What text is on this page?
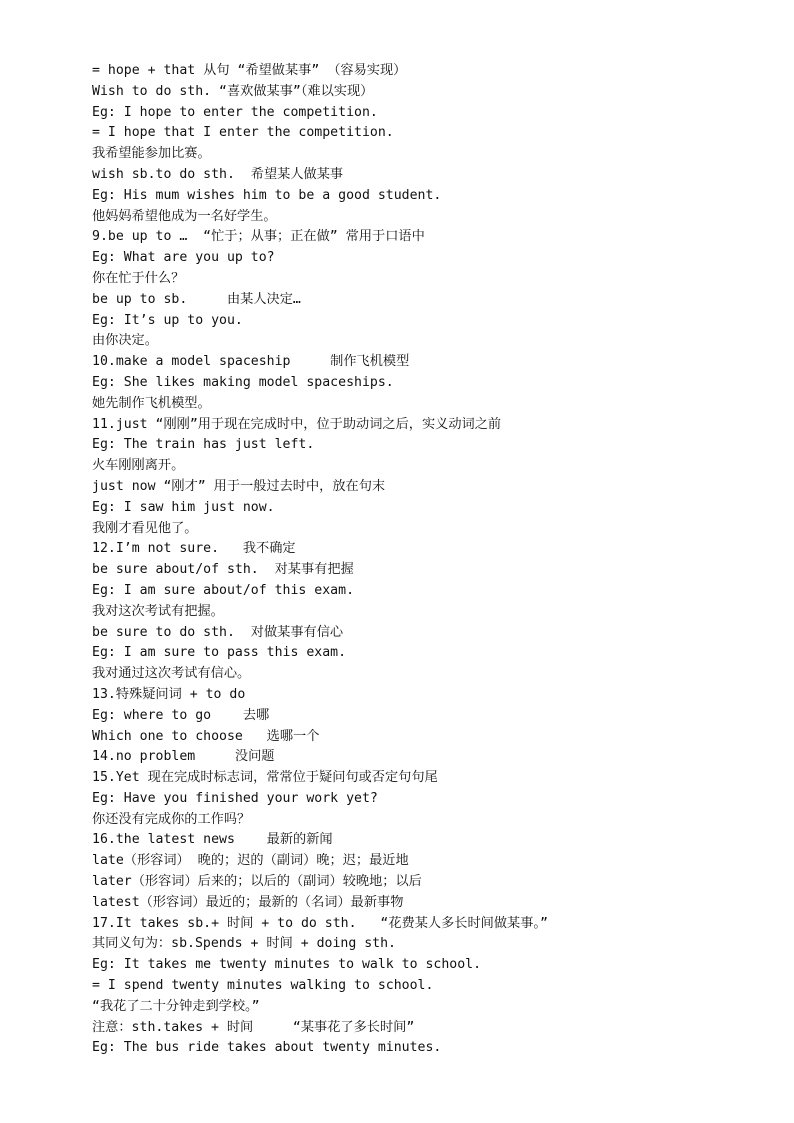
= hope + that 从句 “希望做某事” （容易实现）
Wish to do sth. “喜欢做某事”（难以实现）
Eg: I hope to enter the competition.
= I hope that I enter the competition.
我希望能参加比赛。
wish sb.to do sth.  希望某人做某事
Eg: His mum wishes him to be a good student.
他妈妈希望他成为一名好学生。
9.be up to …  “忙于；从事；正在做” 常用于口语中
Eg: What are you up to?
你在忙于什么？
be up to sb.     由某人决定…
Eg: It’s up to you.
由你决定。
10.make a model spaceship     制作飞机模型
Eg: She likes making model spaceships.
她先制作飞机模型。
11.just “刚刚”用于现在完成时中，位于助动词之后，实义动词之前
Eg: The train has just left.
火车刚刚离开。
just now “刚才” 用于一般过去时中，放在句末
Eg: I saw him just now.
我刚才看见他了。
12.I’m not sure.   我不确定
be sure about/of sth.  对某事有把握
Eg: I am sure about/of this exam.
我对这次考试有把握。
be sure to do sth.  对做某事有信心
Eg: I am sure to pass this exam.
我对通过这次考试有信心。
13.特殊疑问词 + to do
Eg: where to go    去哪
Which one to choose   选哪一个
14.no problem     没问题
15.Yet 现在完成时标志词，常常位于疑问句或否定句句尾
Eg: Have you finished your work yet?
你还没有完成你的工作吗？
16.the latest news    最新的新闻
late（形容词） 晚的；迟的（副词）晚；迟；最近地
later（形容词）后来的；以后的（副词）较晚地；以后
latest（形容词）最近的；最新的（名词）最新事物
17.It takes sb.+ 时间 + to do sth.   “花费某人多长时间做某事。”
其同义句为：sb.Spends + 时间 + doing sth.
Eg: It takes me twenty minutes to walk to school.
= I spend twenty minutes walking to school.
“我花了二十分钟走到学校。”
注意：sth.takes + 时间     “某事花了多长时间”
Eg: The bus ride takes about twenty minutes.
